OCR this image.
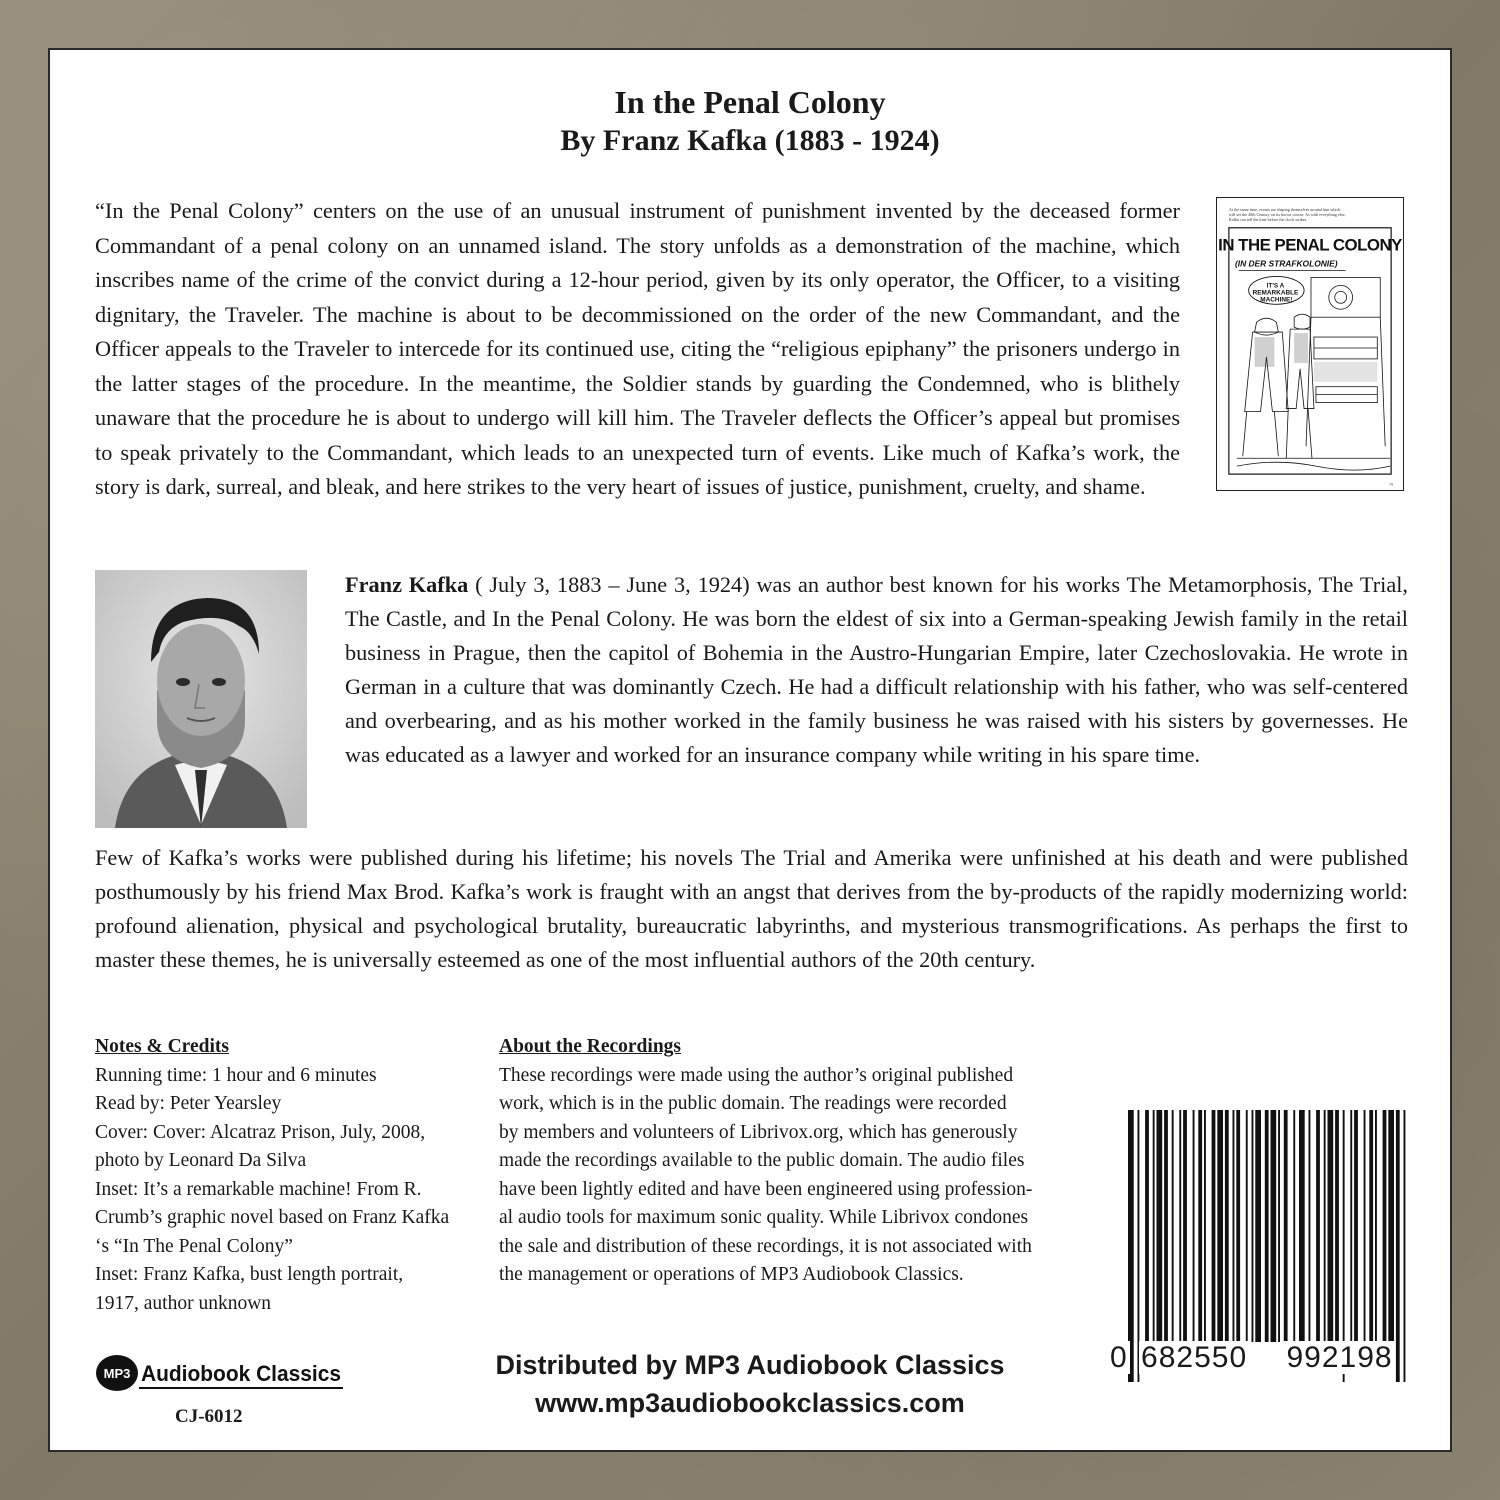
In the Penal Colony
By Franz Kafka (1883 - 1924)

“In the Penal Colony” centers on the use of an unusual instrument of punishment invented by the deceased former Commandant of a penal colony on an unnamed island. The story unfolds as a demonstration of the machine, which inscribes name of the crime of the convict during a 12-hour period, given by its only operator, the Officer, to a visiting dignitary, the Traveler. The machine is about to be decommissioned on the order of the new Commandant, and the Officer appeals to the Traveler to intercede for its continued use, citing the “religious epiphany” the prisoners undergo in the latter stages of the procedure. In the meantime, the Soldier stands by guarding the Condemned, who is blithely unaware that the procedure he is about to undergo will kill him. The Traveler deflects the Officer’s appeal but promises to speak privately to the Commandant, which leads to an unexpected turn of events. Like much of Kafka’s work, the story is dark, surreal, and bleak, and here strikes to the very heart of issues of justice, punishment, cruelty, and shame.

At the same time, events are shaping themselves around him which will set the 20th Century on its horror course. As with everything else, Kafka can tell the time before the clock strikes.
IN THE PENAL COLONY
(IN DER STRAFKOLONIE)
IT'S A REMARKABLE MACHINE!
79

Franz Kafka ( July 3, 1883 – June 3, 1924) was an author best known for his works The Metamorphosis, The Trial, The Castle, and In the Penal Colony. He was born the eldest of six into a German-speaking Jewish family in the retail business in Prague, then the capitol of Bohemia in the Austro-Hungarian Empire, later Czechoslovakia. He wrote in German in a culture that was dominantly Czech. He had a difficult relationship with his father, who was self-centered and overbearing, and as his mother worked in the family business he was raised with his sisters by governesses. He was educated as a lawyer and worked for an insurance company while writing in his spare time.

Few of Kafka’s works were published during his lifetime; his novels The Trial and Amerika were unfinished at his death and were published posthumously by his friend Max Brod. Kafka’s work is fraught with an angst that derives from the by-products of the rapidly modernizing world: profound alienation, physical and psychological brutality, bureaucratic labyrinths, and mysterious transmogrifications. As perhaps the first to master these themes, he is universally esteemed as one of the most influential authors of the 20th century.

Notes & Credits
Running time: 1 hour and 6 minutes
Read by: Peter Yearsley
Cover: Cover: Alcatraz Prison, July, 2008,
photo by Leonard Da Silva
Inset: It’s a remarkable machine! From R.
Crumb’s graphic novel based on Franz Kafka
‘s “In The Penal Colony”
Inset: Franz Kafka, bust length portrait,
1917, author unknown
About the Recordings
These recordings were made using the author’s original published
work, which is in the public domain. The readings were recorded
by members and volunteers of Librivox.org, which has generously
made the recordings available to the public domain. The audio files
have been lightly edited and have been engineered using profession-
al audio tools for maximum sonic quality. While Librivox condones
the sale and distribution of these recordings, it is not associated with
the management or operations of MP3 Audiobook Classics.
0 682550 992198
MP3 Audiobook Classics
CJ-6012
Distributed by MP3 Audiobook Classics
www.mp3audiobookclassics.com
